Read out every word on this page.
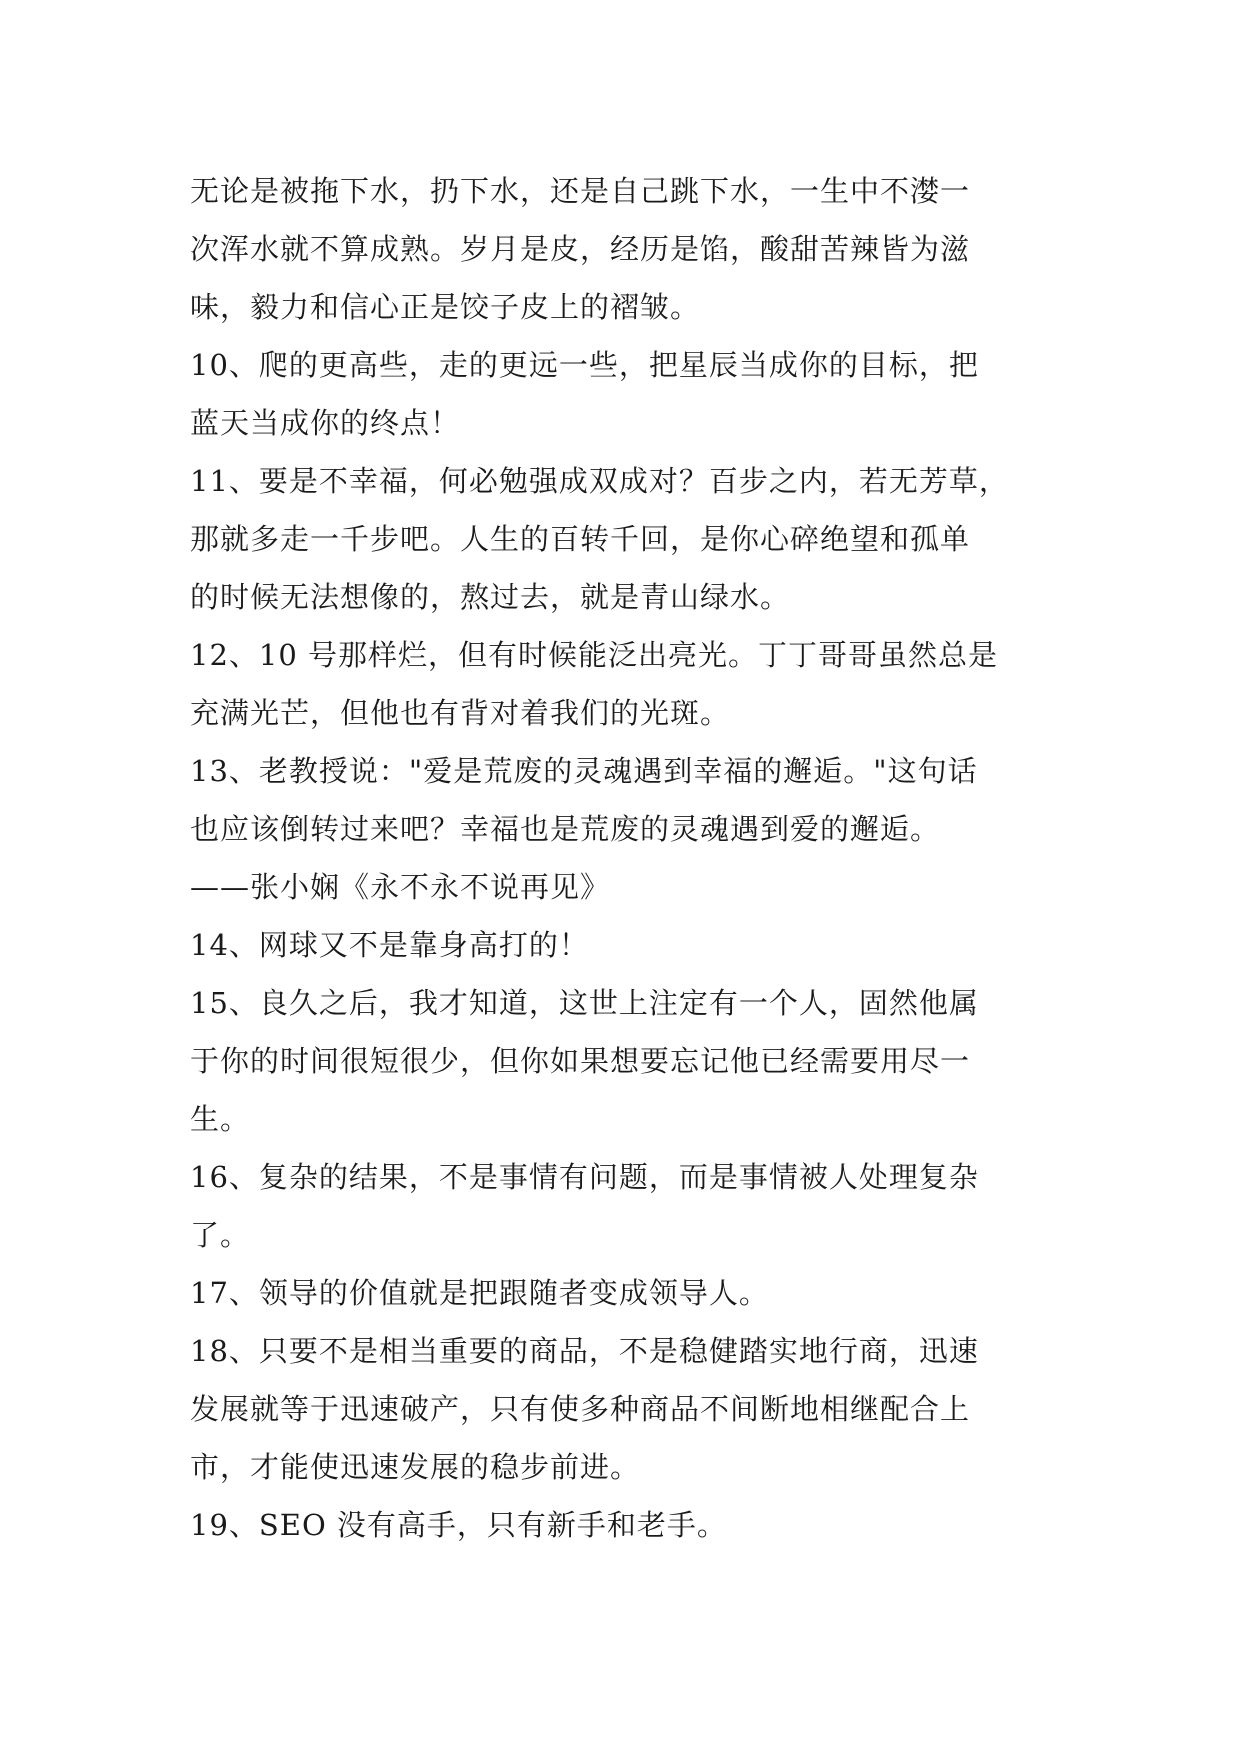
无论是被拖下水，扔下水，还是自己跳下水，一生中不漤一
次浑水就不算成熟。岁月是皮，经历是馅，酸甜苦辣皆为滋
味，毅力和信心正是饺子皮上的褶皱。
10、爬的更高些，走的更远一些，把星辰当成你的目标，把
蓝天当成你的终点！
11、要是不幸福，何必勉强成双成对？百步之内，若无芳草，
那就多走一千步吧。人生的百转千回，是你心碎绝望和孤单
的时候无法想像的，熬过去，就是青山绿水。
12、10 号那样烂，但有时候能泛出亮光。丁丁哥哥虽然总是
充满光芒，但他也有背对着我们的光斑。
13、老教授说："爱是荒废的灵魂遇到幸福的邂逅。"这句话
也应该倒转过来吧？幸福也是荒废的灵魂遇到爱的邂逅。
——张小娴《永不永不说再见》
14、网球又不是靠身高打的！
15、良久之后，我才知道，这世上注定有一个人，固然他属
于你的时间很短很少，但你如果想要忘记他已经需要用尽一
生。
16、复杂的结果，不是事情有问题，而是事情被人处理复杂
了。
17、领导的价值就是把跟随者变成领导人。
18、只要不是相当重要的商品，不是稳健踏实地行商，迅速
发展就等于迅速破产，只有使多种商品不间断地相继配合上
市，才能使迅速发展的稳步前进。
19、SEO 没有高手，只有新手和老手。
